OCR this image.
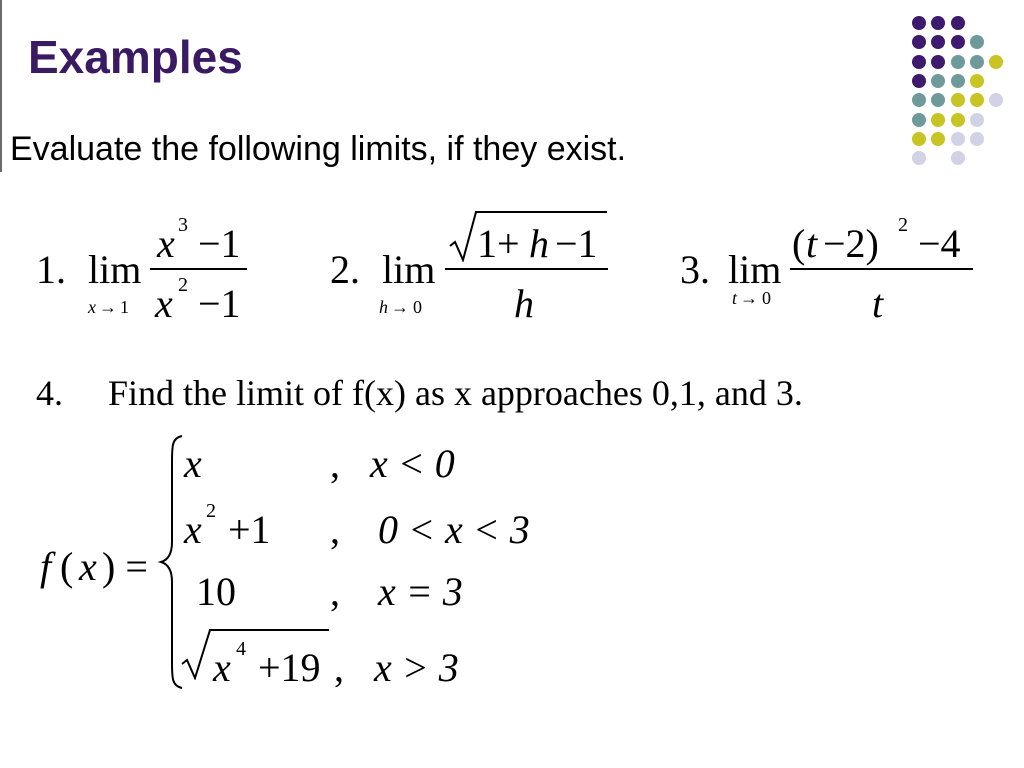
Examples
Evaluate the following limits, if they exist.
1. lim
x → 1
x 3 −1
x 2 −1
2. lim
h → 0
1+ h −1
h
3. lim
t → 0
( t −2) 2 −4
t
4. Find the limit of f(x) as x approaches 0,1, and 3.
f ( x ) =
x	, x < 0
x 2 +1 , 0 < x < 3
10 , x = 3
x 4 +19 , x > 3
